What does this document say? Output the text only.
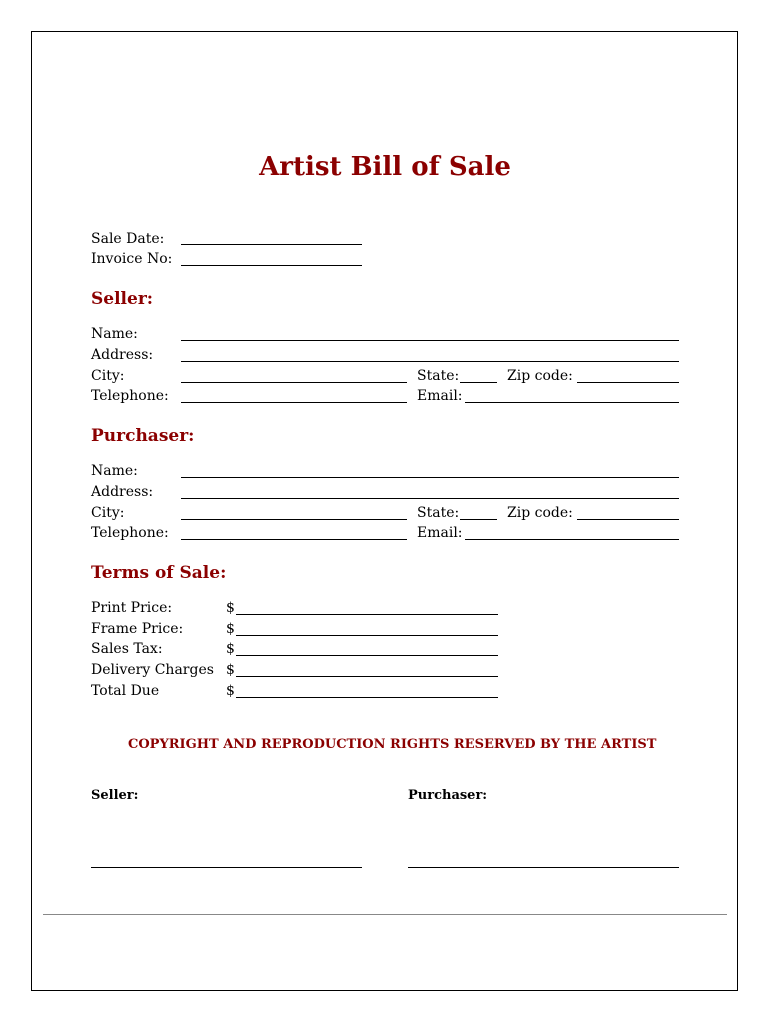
Artist Bill of Sale
Sale Date:
Invoice No:
Seller:
Name:
Address:
City:	State:	Zip code:
Telephone:	Email:
Purchaser:
Name:
Address:
City:	State:	Zip code:
Telephone:	Email:
Terms of Sale:
Print Price:	$
Frame Price:	$
Sales Tax:	$
Delivery Charges $
Total Due	$
COPYRIGHT AND REPRODUCTION RIGHTS RESERVED BY THE ARTIST
Seller:	Purchaser:
